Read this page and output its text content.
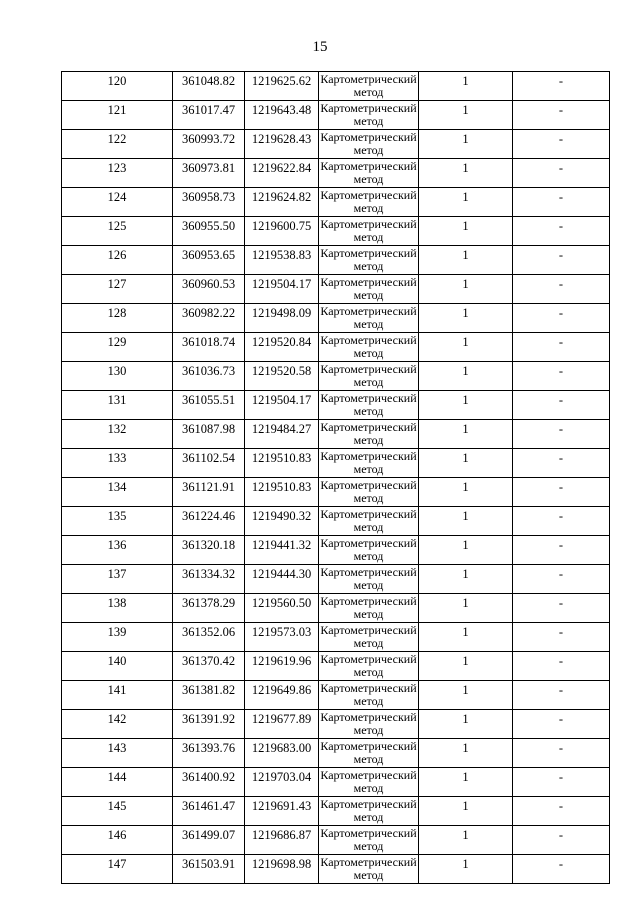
15
120	361048.82	1219625.62	Картометрический метод	1	-
121	361017.47	1219643.48	Картометрический метод	1	-
122	360993.72	1219628.43	Картометрический метод	1	-
123	360973.81	1219622.84	Картометрический метод	1	-
124	360958.73	1219624.82	Картометрический метод	1	-
125	360955.50	1219600.75	Картометрический метод	1	-
126	360953.65	1219538.83	Картометрический метод	1	-
127	360960.53	1219504.17	Картометрический метод	1	-
128	360982.22	1219498.09	Картометрический метод	1	-
129	361018.74	1219520.84	Картометрический метод	1	-
130	361036.73	1219520.58	Картометрический метод	1	-
131	361055.51	1219504.17	Картометрический метод	1	-
132	361087.98	1219484.27	Картометрический метод	1	-
133	361102.54	1219510.83	Картометрический метод	1	-
134	361121.91	1219510.83	Картометрический метод	1	-
135	361224.46	1219490.32	Картометрический метод	1	-
136	361320.18	1219441.32	Картометрический метод	1	-
137	361334.32	1219444.30	Картометрический метод	1	-
138	361378.29	1219560.50	Картометрический метод	1	-
139	361352.06	1219573.03	Картометрический метод	1	-
140	361370.42	1219619.96	Картометрический метод	1	-
141	361381.82	1219649.86	Картометрический метод	1	-
142	361391.92	1219677.89	Картометрический метод	1	-
143	361393.76	1219683.00	Картометрический метод	1	-
144	361400.92	1219703.04	Картометрический метод	1	-
145	361461.47	1219691.43	Картометрический метод	1	-
146	361499.07	1219686.87	Картометрический метод	1	-
147	361503.91	1219698.98	Картометрический метод	1	-
